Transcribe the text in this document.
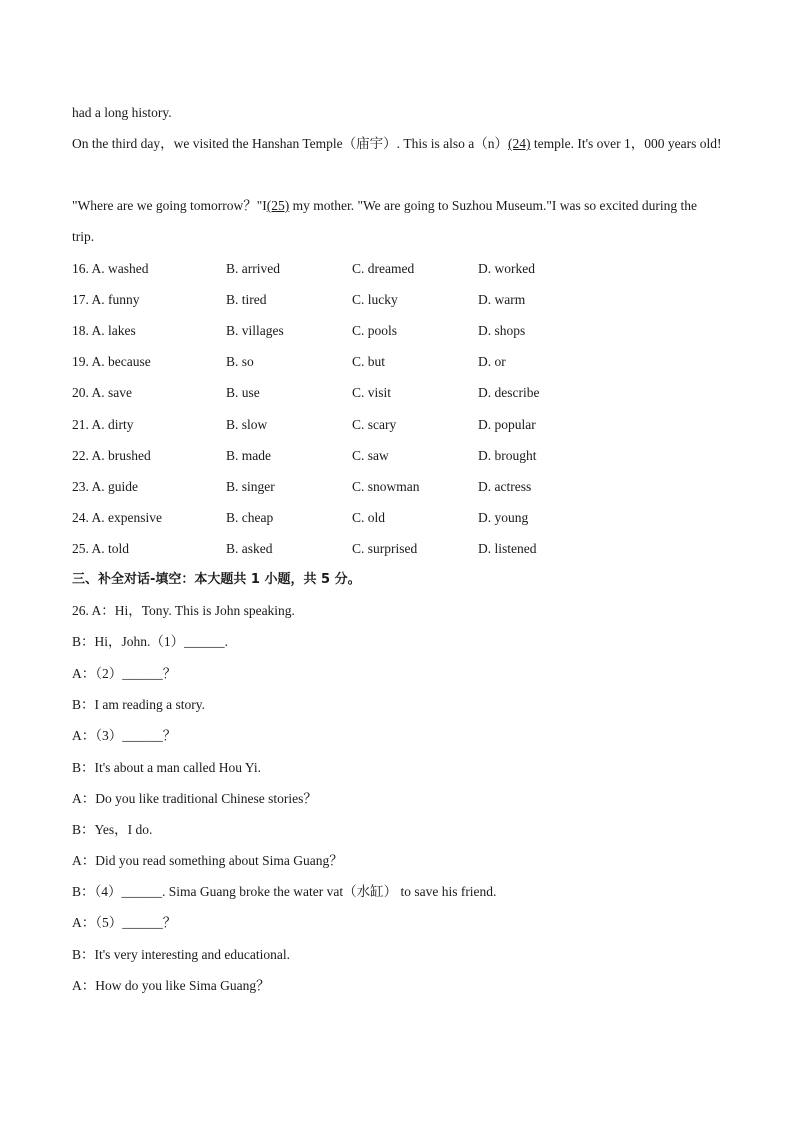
had a long history.
On the third day，we visited the Hanshan Temple（庙宇）. This is also a（n）(24) temple. It's over 1，000 years old!
"Where are we going tomorrow？"I(25) my mother. "We are going to Suzhou Museum."I was so excited during the trip.
16. A. washed	B. arrived	C. dreamed	D. worked
17. A. funny	B. tired	C. lucky	D. warm
18. A. lakes	B. villages	C. pools	D. shops
19. A. because	B. so	C. but	D. or
20. A. save	B. use	C. visit	D. describe
21. A. dirty	B. slow	C. scary	D. popular
22. A. brushed	B. made	C. saw	D. brought
23. A. guide	B. singer	C. snowman	D. actress
24. A. expensive	B. cheap	C. old	D. young
25. A. told	B. asked	C. surprised	D. listened
三、补全对话-填空：本大题共 1 小题，共 5 分。
26. A：Hi，Tony. This is John speaking.
B：Hi，John.（1）______.
A：（2）______？
B：I am reading a story.
A：（3）______？
B：It's about a man called Hou Yi.
A：Do you like traditional Chinese stories？
B：Yes，I do.
A：Did you read something about Sima Guang？
B：（4）______. Sima Guang broke the water vat（水缸） to save his friend.
A：（5）______？
B：It's very interesting and educational.
A：How do you like Sima Guang？
